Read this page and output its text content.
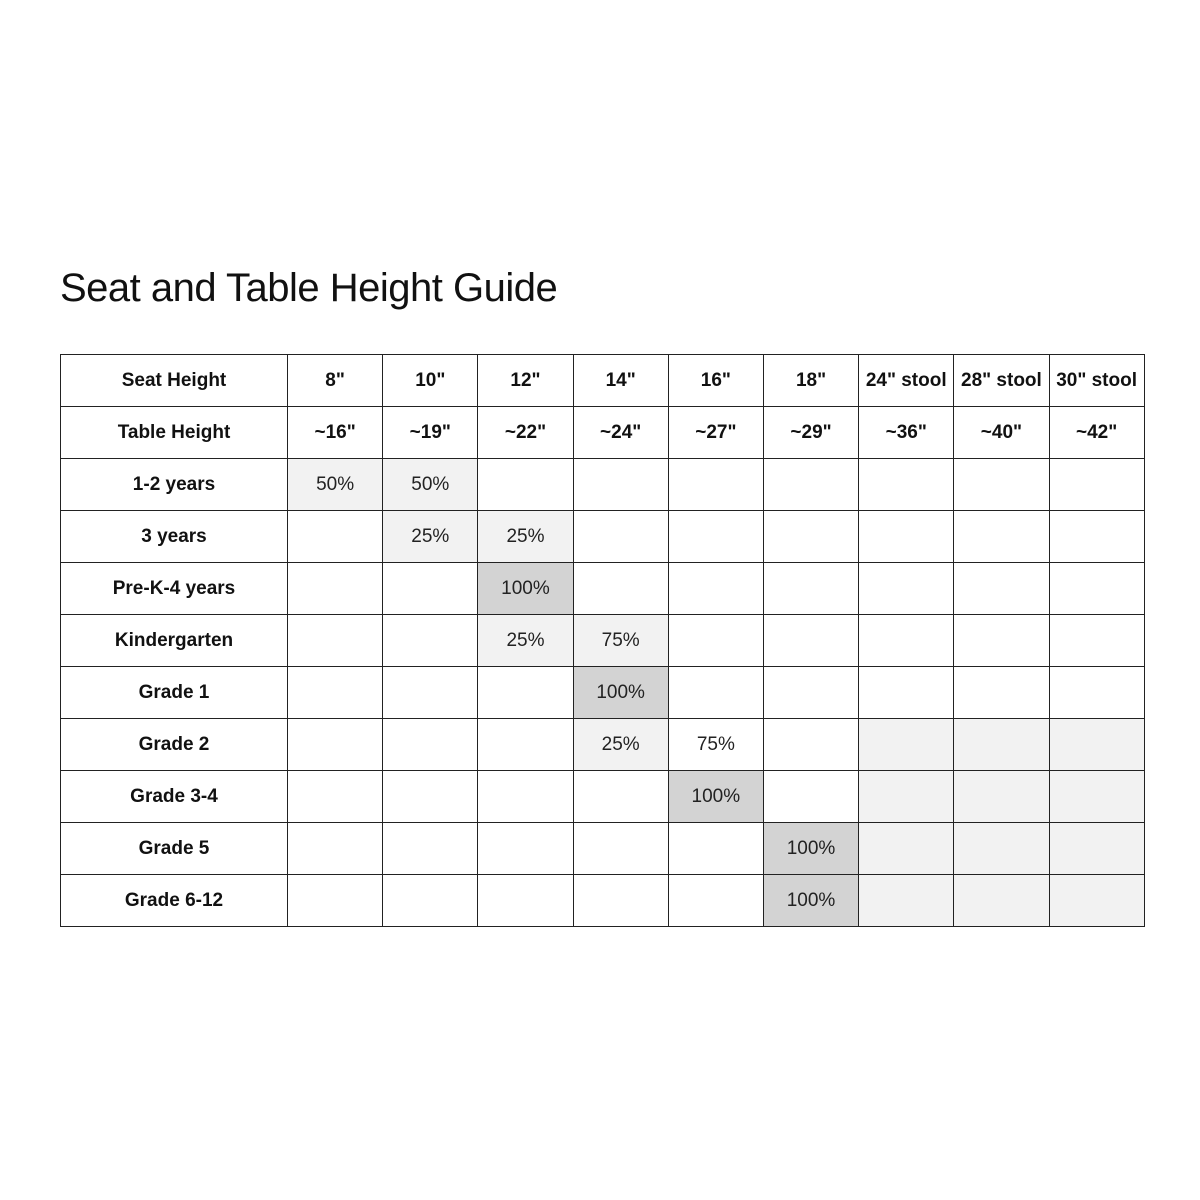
Seat and Table Height Guide
Seat Height	8"	10"	12"	14"	16"	18"	24" stool	28" stool	30" stool
Table Height	~16"	~19"	~22"	~24"	~27"	~29"	~36"	~40"	~42"
1-2 years	50%	50%							
3 years		25%	25%						
Pre-K-4 years			100%						
Kindergarten			25%	75%					
Grade 1				100%					
Grade 2				25%	75%				
Grade 3-4					100%				
Grade 5						100%			
Grade 6-12						100%			
